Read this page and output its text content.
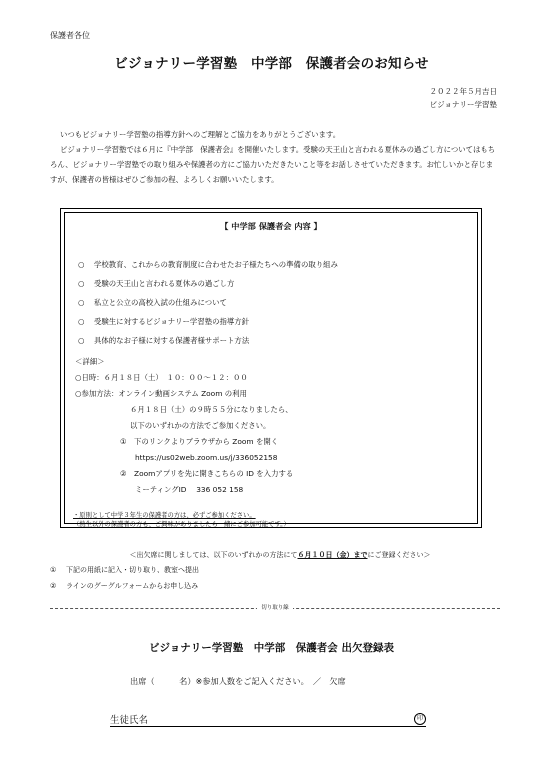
保護者各位
ビジョナリー学習塾　中学部　保護者会のお知らせ
２０２２年５月吉日
ビジョナリー学習塾

いつもビジョナリー学習塾の指導方針へのご理解とご協力をありがとうございます。

ビジョナリー学習塾では６月に『中学部　保護者会』を開催いたします。受験の天王山と言われる夏休みの過ごし方についてはもちろん、ビジョナリー学習塾での取り組みや保護者の方にご協力いただきたいこと等をお話しさせていただきます。お忙しいかと存じますが、保護者の皆様はぜひご参加の程、よろしくお願いいたします。

【 中学部 保護者会 内容 】
○ 学校教育、これからの教育制度に合わせたお子様たちへの準備の取り組み
○ 受験の天王山と言われる夏休みの過ごし方
○ 私立と公立の高校入試の仕組みについて
○ 受験生に対するビジョナリー学習塾の指導方針
○ 具体的なお子様に対する保護者様サポート方法
＜詳細＞
○日時：６月１８日（土）　１０：００～１２：００
○参加方法：オンライン動画システム Zoom の利用
６月１８日（土）の９時５５分になりましたら、
以下のいずれかの方法でご参加ください。
①　下のリンクよりブラウザから Zoom を開く
https://us02web.zoom.us/j/336052158
②　Zoomアプリを先に開きこちらの ID を入力する
ミーティングID　 336 052 158
・原則として中学３年生の保護者の方は、必ずご参加ください。
（熱生以外の保護者の方も、ご興味がありましたら一緒にご参加可能です。）
＜出欠席に関しましては、以下のいずれかの方法にて６月１０日（金）までにご登録ください＞
① 下記の用紙に記入・切り取り、教室へ提出
② ラインのグーグルフォームからお申し込み
切り取り線
ビジョナリー学習塾　中学部　保護者会 出欠登録表
出席（　　　名）※参加人数をご記入ください。　／　欠席
生徒氏名	印
